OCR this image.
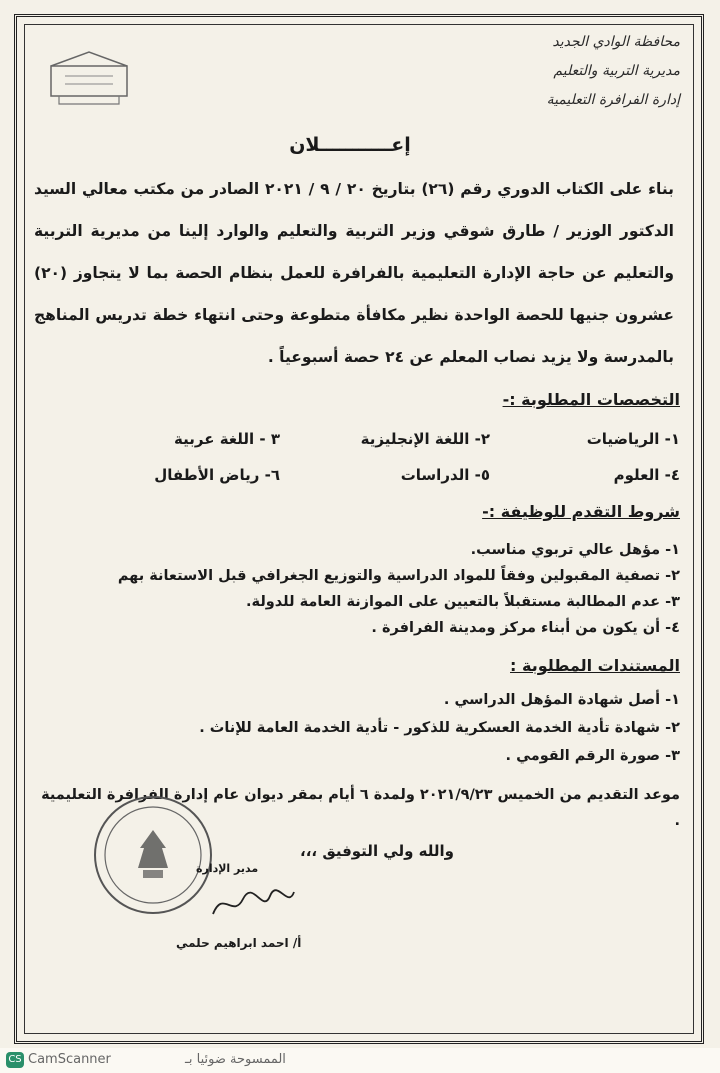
محافظة الوادي الجديد
مديرية التربية والتعليم
إدارة الفرافرة التعليمية
إعـــــــــــلان
بناء على الكتاب الدوري رقم (٢٦) بتاريخ ٢٠ / ٩ / ٢٠٢١ الصادر من مكتب معالي السيد الدكتور الوزير / طارق شوقي وزير التربية والتعليم والوارد إلينا من مديرية التربية والتعليم عن حاجة الإدارة التعليمية بالفرافرة للعمل بنظام الحصة بما لا يتجاوز (٢٠) عشرون جنيها للحصة الواحدة نظير مكافأة متطوعة وحتى انتهاء خطة تدريس المناهج بالمدرسة ولا يزيد نصاب المعلم عن ٢٤ حصة أسبوعياً .
التخصصات المطلوبة :-
١- الرياضيات
٢- اللغة الإنجليزية
٣ - اللغة عربية
٤- العلوم
٥- الدراسات
٦- رياض الأطفال
شروط التقدم للوظيفة :-
١- مؤهل عالي تربوي مناسب.
٢- تصفية المقبولين وفقاً للمواد الدراسية والتوزيع الجغرافي قبل الاستعانة بهم
٣- عدم المطالبة مستقبلاً بالتعيين على الموازنة العامة للدولة.
٤- أن يكون من أبناء مركز ومدينة الفرافرة .
المستندات المطلوبة :
١- أصل شهادة المؤهل الدراسي .
٢- شهادة تأدية الخدمة العسكرية للذكور - تأدية الخدمة العامة للإناث .
٣- صورة الرقم القومي .
موعد التقديم من الخميس ٢٠٢١/٩/٢٣ ولمدة ٦ أيام بمقر ديوان عام إدارة الفرافرة التعليمية .
والله ولي التوفيق ،،،
مدير الإدارة
أ/ احمد ابراهيم حلمي
CS CamScanner	الممسوحة ضوئيا بـ
